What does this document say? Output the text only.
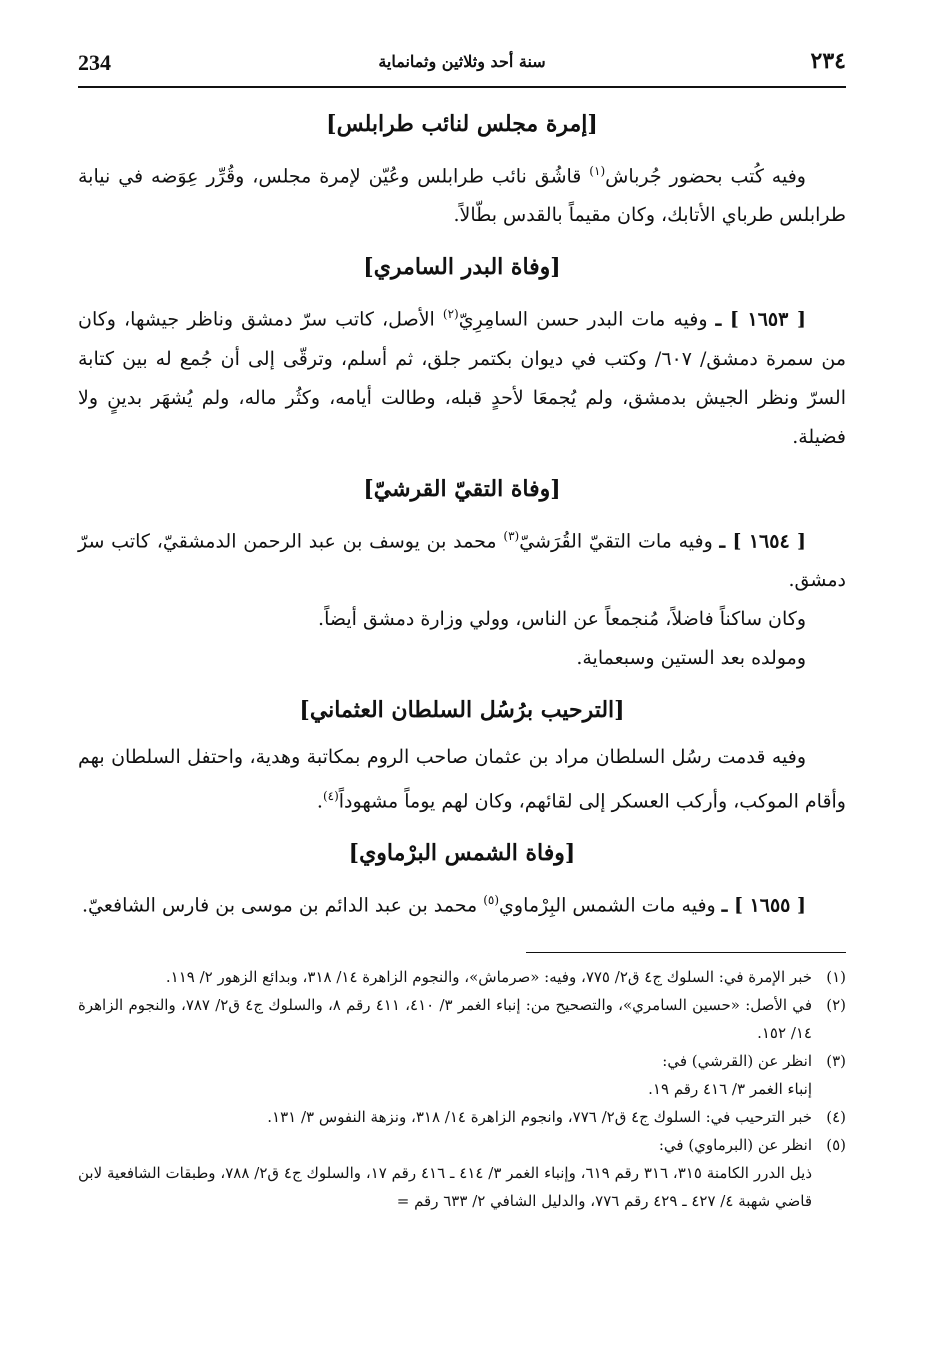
234	سنة أحد وثلاثين وثمانماية	٢٣٤
[إمرة مجلس لنائب طرابلس]

وفيه كُتب بحضور جُرباش$^{(١)}$ قاشُق نائب طرابلس وعُيّن لإمرة مجلس، وقُرِّر عِوَضه في نيابة طرابلس طرباي الأتابك، وكان مقيماً بالقدس بطّالاً.

[وفاة البدر السامري]

[ ١٦٥٣ ] ـ وفيه مات البدر حسن السامِرِيّ$^{(٢)}$ الأصل، كاتب سرّ دمشق وناظر جيشها، وكان من سمرة دمشق/ ٦٠٧/ وكتب في ديوان بكتمر جلق، ثم أسلم، وترقّى إلى أن جُمع له بين كتابة السرّ ونظر الجيش بدمشق، ولم يُجمعَا لأحدٍ قبله، وطالت أيامه، وكثُر ماله، ولم يُشهَر بدينٍ ولا فضيلة.

[وفاة التقيّ القرشيّ]

[ ١٦٥٤ ] ـ وفيه مات التقيّ القُرَشيّ$^{(٣)}$ محمد بن يوسف بن عبد الرحمن الدمشقيّ، كاتب سرّ دمشق.

وكان ساكناً فاضلاً، مُنجمعاً عن الناس، وولي وزارة دمشق أيضاً.

ومولده بعد الستين وسبعماية.

[الترحيب برُسُل السلطان العثماني]

وفيه قدمت رسُل السلطان مراد بن عثمان صاحب الروم بمكاتبة وهدية، واحتفل السلطان بهم وأقام الموكب، وأركب العسكر إلى لقائهم، وكان لهم يوماً مشهوداً$^{(٤)}$.

[وفاة الشمس البرْماوي]

[ ١٦٥٥ ] ـ وفيه مات الشمس البِرْماوي$^{(٥)}$ محمد بن عبد الدائم بن موسى بن فارس الشافعيّ.

(١)
خبر الإمرة في: السلوك ج٤ ق٢/ ٧٧٥، وفيه: «صرماش»، والنجوم الزاهرة ١٤/ ٣١٨، وبدائع الزهور ٢/ ١١٩.
(٢)
في الأصل: «حسين السامري»، والتصحيح من: إنباء الغمر ٣/ ٤١٠، ٤١١ رقم ٨، والسلوك ج٤ ق٢/ ٧٨٧، والنجوم الزاهرة ١٤/ ١٥٢.
(٣)
انظر عن (القرشي) في:
إنباء الغمر ٣/ ٤١٦ رقم ١٩.
(٤)
خبر الترحيب في: السلوك ج٤ ق٢/ ٧٧٦، وانجوم الزاهرة ١٤/ ٣١٨، ونزهة النفوس ٣/ ١٣١.
(٥)
انظر عن (البرماوي) في:
ذيل الدرر الكامنة ٣١٥، ٣١٦ رقم ٦١٩، وإنباء الغمر ٣/ ٤١٤ ـ ٤١٦ رقم ١٧، والسلوك ج٤ ق٢/ ٧٨٨، وطبقات الشافعية لابن قاضي شهبة ٤/ ٤٢٧ ـ ٤٢٩ رقم ٧٧٦، والدليل الشافي ٢/ ٦٣٣ رقم =
